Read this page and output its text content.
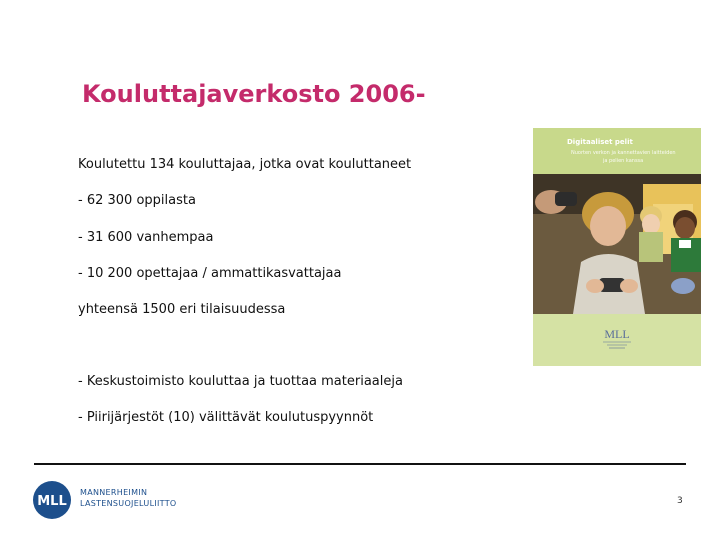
Kouluttajaverkosto 2006-
Koulutettu 134 kouluttajaa, jotka ovat kouluttaneet
- 62 300 oppilasta
- 31 600 vanhempaa
- 10 200 opettajaa / ammattikasvattajaa
yhteensä 1500 eri tilaisuudessa
- Keskustoimisto kouluttaa ja tuottaa materiaaleja
- Piirijärjestöt (10) välittävät koulutuspyynnöt
Digitaaliset pelit
Nuorten verkon ja kannettavien laitteiden
ja pelien kanssa
MLL
MLL
MANNERHEIMIN
LASTENSUOJELULIITTO	3
